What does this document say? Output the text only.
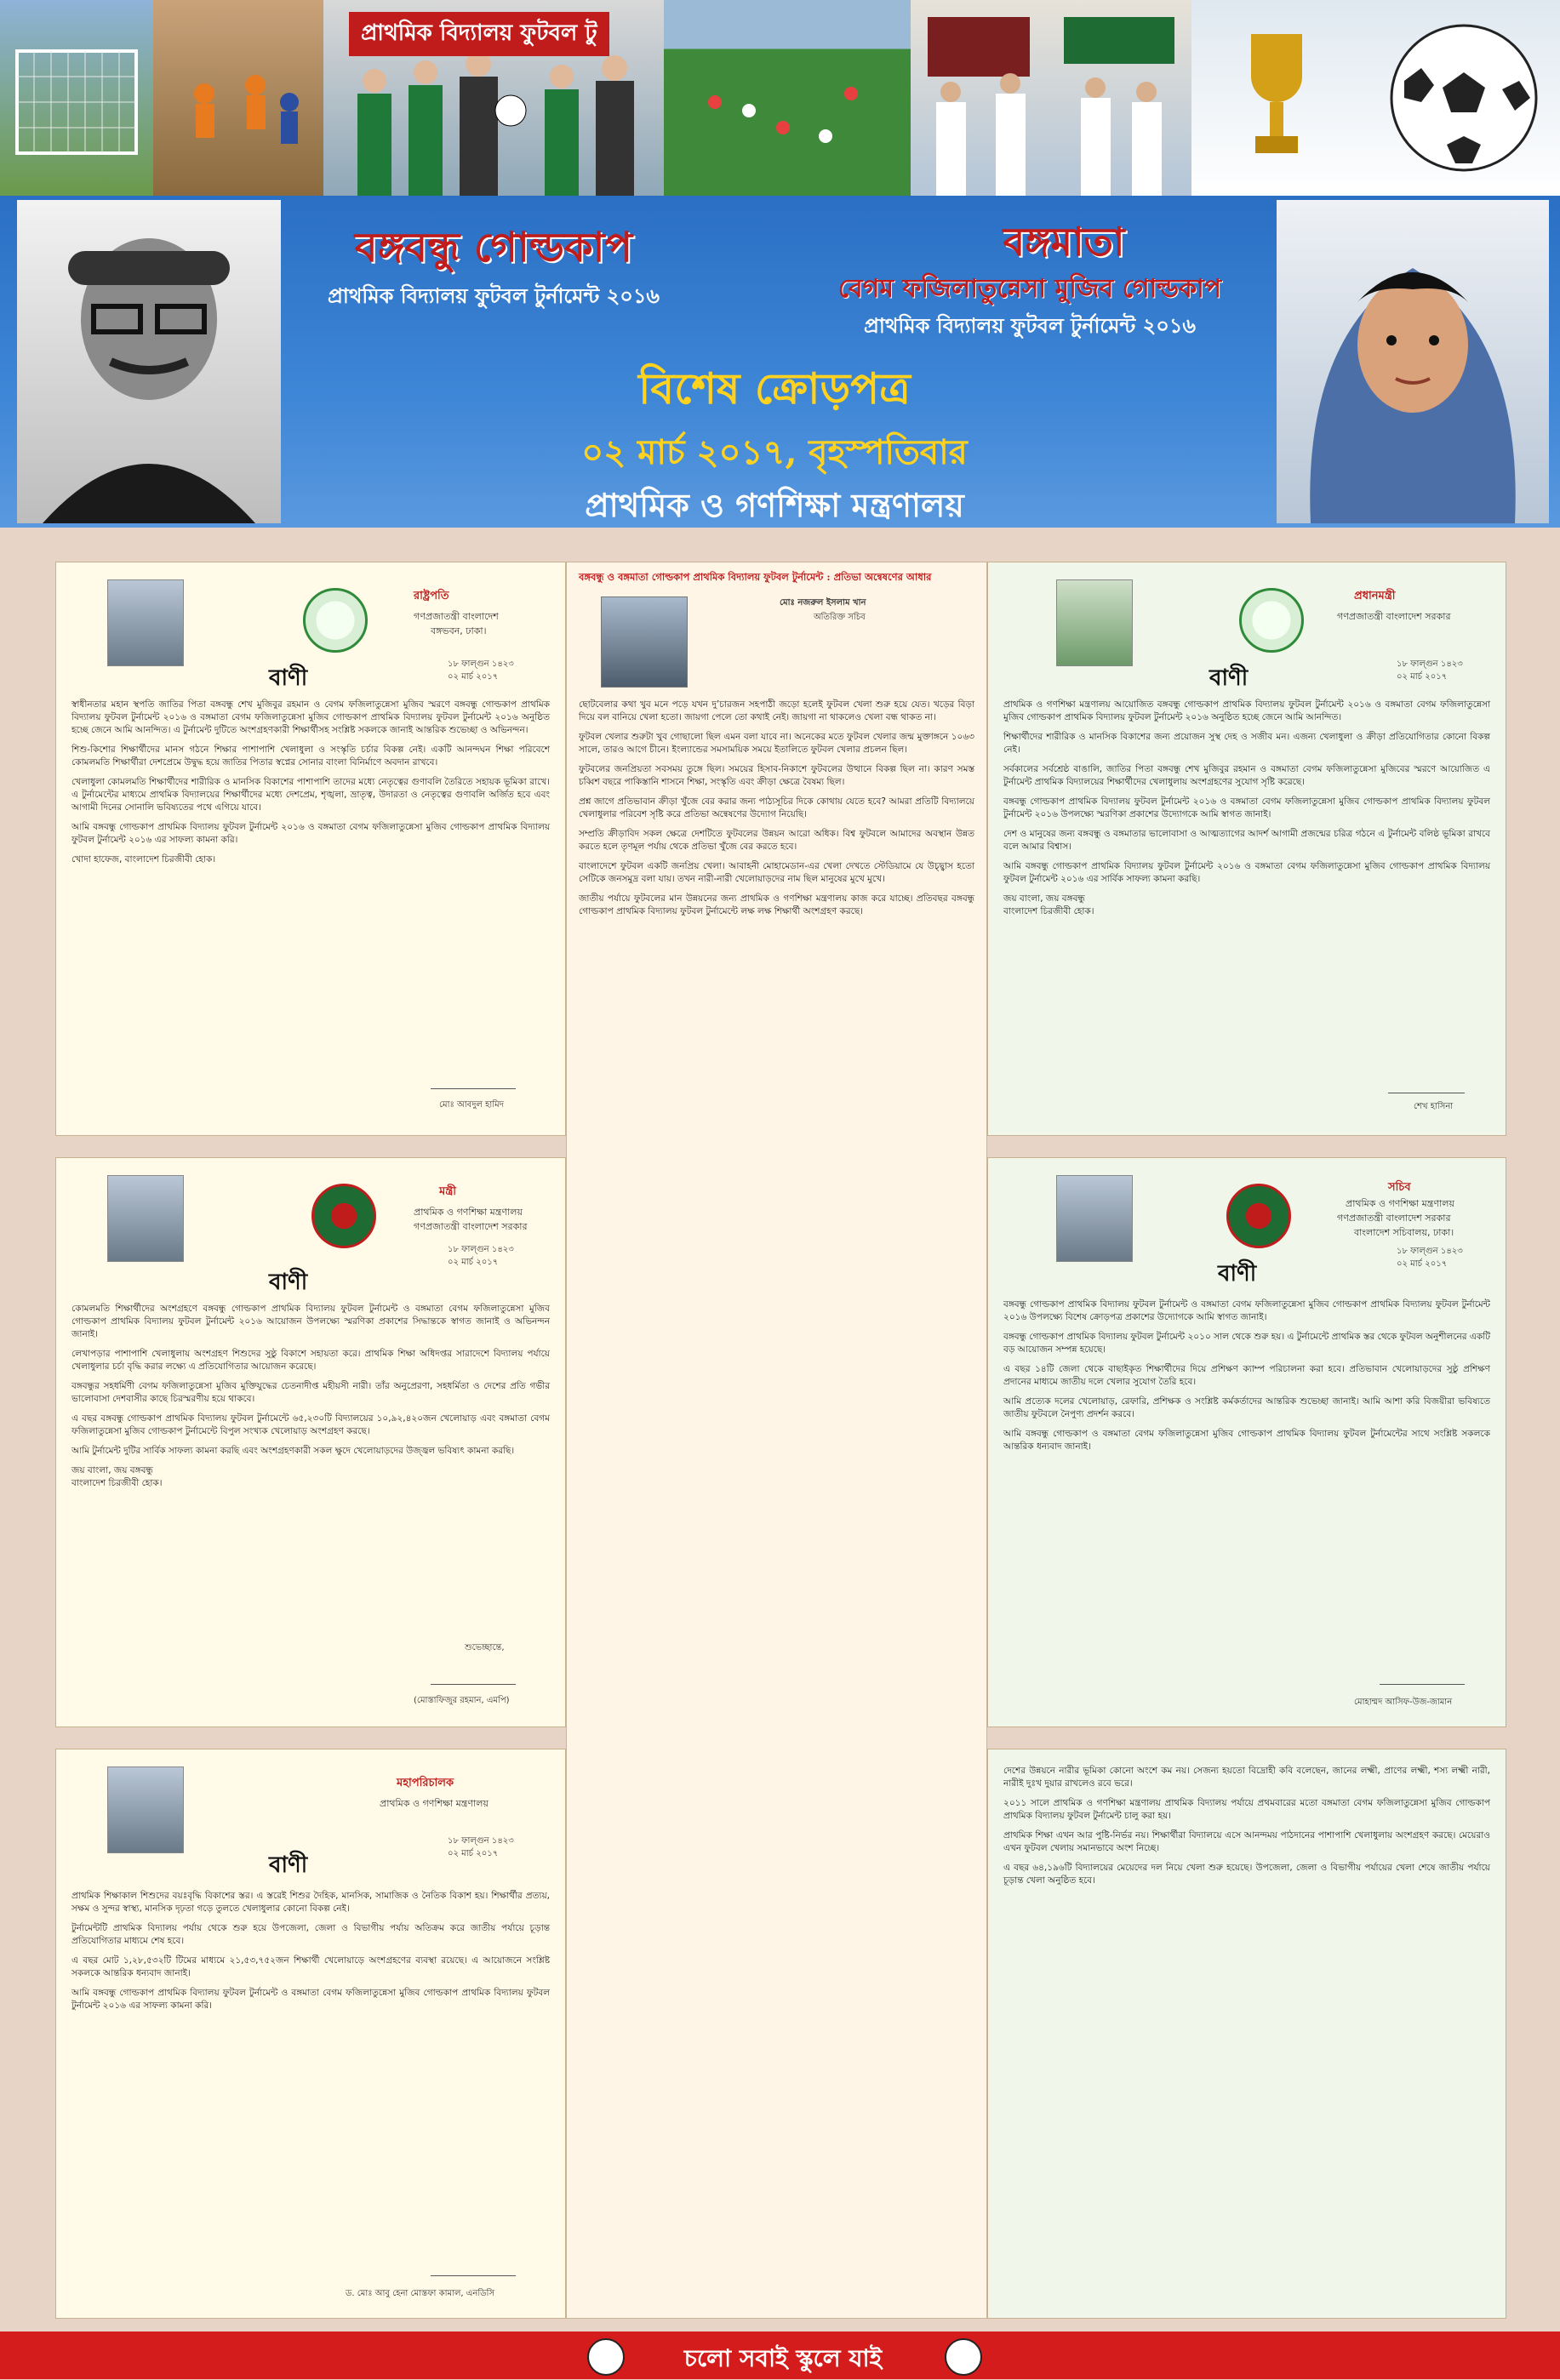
প্রাথমিক বিদ্যালয় ফুটবল টু
বঙ্গবন্ধু গোল্ডকাপ
প্রাথমিক বিদ্যালয় ফুটবল টুর্নামেন্ট ২০১৬
বঙ্গমাতা
বেগম ফজিলাতুন্নেসা মুজিব গোল্ডকাপ
প্রাথমিক বিদ্যালয় ফুটবল টুর্নামেন্ট ২০১৬
বিশেষ ক্রোড়পত্র
০২ মার্চ ২০১৭, বৃহস্পতিবার
প্রাথমিক ও গণশিক্ষা মন্ত্রণালয়
রাষ্ট্রপতি
গণপ্রজাতন্ত্রী বাংলাদেশ
বঙ্গভবন, ঢাকা।
১৮ ফাল্গুন ১৪২৩
০২ মার্চ ২০১৭
বাণী

স্বাধীনতার মহান স্থপতি জাতির পিতা বঙ্গবন্ধু শেখ মুজিবুর রহমান ও বেগম ফজিলাতুন্নেসা মুজিব স্মরণে বঙ্গবন্ধু গোল্ডকাপ প্রাথমিক বিদ্যালয় ফুটবল টুর্নামেন্ট ২০১৬ ও বঙ্গমাতা বেগম ফজিলাতুন্নেসা মুজিব গোল্ডকাপ প্রাথমিক বিদ্যালয় ফুটবল টুর্নামেন্ট ২০১৬ অনুষ্ঠিত হচ্ছে জেনে আমি আনন্দিত। এ টুর্নামেন্ট দুটিতে অংশগ্রহণকারী শিক্ষার্থীসহ সংশ্লিষ্ট সকলকে জানাই আন্তরিক শুভেচ্ছা ও অভিনন্দন।

শিশু-কিশোর শিক্ষার্থীদের মানস গঠনে শিক্ষার পাশাপাশি খেলাধুলা ও সংস্কৃতি চর্চার বিকল্প নেই। একটি আনন্দঘন শিক্ষা পরিবেশে কোমলমতি শিক্ষার্থীরা দেশপ্রেমে উদ্বুদ্ধ হয়ে জাতির পিতার স্বপ্নের সোনার বাংলা বিনির্মাণে অবদান রাখবে।

খেলাধুলা কোমলমতি শিক্ষার্থীদের শারীরিক ও মানসিক বিকাশের পাশাপাশি তাদের মধ্যে নেতৃত্বের গুণাবলি তৈরিতে সহায়ক ভূমিকা রাখে। এ টুর্নামেন্টের মাধ্যমে প্রাথমিক বিদ্যালয়ের শিক্ষার্থীদের মধ্যে দেশপ্রেম, শৃঙ্খলা, ভ্রাতৃত্ব, উদারতা ও নেতৃত্বের গুণাবলি অর্জিত হবে এবং আগামী দিনের সোনালি ভবিষ্যতের পথে এগিয়ে যাবে।

আমি বঙ্গবন্ধু গোল্ডকাপ প্রাথমিক বিদ্যালয় ফুটবল টুর্নামেন্ট ২০১৬ ও বঙ্গমাতা বেগম ফজিলাতুন্নেসা মুজিব গোল্ডকাপ প্রাথমিক বিদ্যালয় ফুটবল টুর্নামেন্ট ২০১৬ এর সাফল্য কামনা করি।

খোদা হাফেজ, বাংলাদেশ চিরজীবী হোক।

মোঃ আবদুল হামিদ
মন্ত্রী
প্রাথমিক ও গণশিক্ষা মন্ত্রণালয়
গণপ্রজাতন্ত্রী বাংলাদেশ সরকার
১৮ ফাল্গুন ১৪২৩
০২ মার্চ ২০১৭
বাণী

কোমলমতি শিক্ষার্থীদের অংশগ্রহণে বঙ্গবন্ধু গোল্ডকাপ প্রাথমিক বিদ্যালয় ফুটবল টুর্নামেন্ট ও বঙ্গমাতা বেগম ফজিলাতুন্নেসা মুজিব গোল্ডকাপ প্রাথমিক বিদ্যালয় ফুটবল টুর্নামেন্ট ২০১৬ আয়োজন উপলক্ষ্যে স্মরণিকা প্রকাশের সিদ্ধান্তকে স্বাগত জানাই ও অভিনন্দন জানাই।

লেখাপড়ার পাশাপাশি খেলাধুলায় অংশগ্রহণ শিশুদের সুষ্ঠু বিকাশে সহায়তা করে। প্রাথমিক শিক্ষা অধিদপ্তর সারাদেশে বিদ্যালয় পর্যায়ে খেলাধুলার চর্চা বৃদ্ধি করার লক্ষ্যে এ প্রতিযোগিতার আয়োজন করেছে।

বঙ্গবন্ধুর সহধর্মিণী বেগম ফজিলাতুন্নেসা মুজিব মুক্তিযুদ্ধের চেতনাদীপ্ত মহীয়সী নারী। তাঁর অনুপ্রেরণা, সহধর্মিতা ও দেশের প্রতি গভীর ভালোবাসা দেশবাসীর কাছে চিরস্মরণীয় হয়ে থাকবে।

এ বছর বঙ্গবন্ধু গোল্ডকাপ প্রাথমিক বিদ্যালয় ফুটবল টুর্নামেন্টে ৬৫,২৩০টি বিদ্যালয়ের ১০,৯২,৪২০জন খেলোয়াড় এবং বঙ্গমাতা বেগম ফজিলাতুন্নেসা মুজিব গোল্ডকাপ টুর্নামেন্টে বিপুল সংখ্যক খেলোয়াড় অংশগ্রহণ করছে।

আমি টুর্নামেন্ট দুটির সার্বিক সাফল্য কামনা করছি এবং অংশগ্রহণকারী সকল ক্ষুদে খেলোয়াড়দের উজ্জ্বল ভবিষ্যৎ কামনা করছি।

জয় বাংলা, জয় বঙ্গবন্ধু
বাংলাদেশ চিরজীবী হোক।

শুভেচ্ছান্তে,
(মোস্তাফিজুর রহমান, এমপি)
মহাপরিচালক
প্রাথমিক ও গণশিক্ষা মন্ত্রণালয়
১৮ ফাল্গুন ১৪২৩
০২ মার্চ ২০১৭
বাণী

প্রাথমিক শিক্ষাকাল শিশুদের বয়ঃবৃদ্ধি বিকাশের স্তর। এ স্তরেই শিশুর দৈহিক, মানসিক, সামাজিক ও নৈতিক বিকাশ হয়। শিক্ষার্থীর প্রত্যয়, সক্ষম ও সুন্দর স্বাস্থ্য, মানসিক দৃঢ়তা গড়ে তুলতে খেলাধুলার কোনো বিকল্প নেই।

টুর্নামেন্টটি প্রাথমিক বিদ্যালয় পর্যায় থেকে শুরু হয়ে উপজেলা, জেলা ও বিভাগীয় পর্যায় অতিক্রম করে জাতীয় পর্যায়ে চূড়ান্ত প্রতিযোগিতার মাধ্যমে শেষ হবে।

এ বছর মোট ১,২৮,৫৩২টি টিমের মাধ্যমে ২১,৫৩,৭৫২জন শিক্ষার্থী খেলোয়াড়ে অংশগ্রহণের ব্যবস্থা রয়েছে। এ আয়োজনে সংশ্লিষ্ট সকলকে আন্তরিক ধন্যবাদ জানাই।

আমি বঙ্গবন্ধু গোল্ডকাপ প্রাথমিক বিদ্যালয় ফুটবল টুর্নামেন্ট ও বঙ্গমাতা বেগম ফজিলাতুন্নেসা মুজিব গোল্ডকাপ প্রাথমিক বিদ্যালয় ফুটবল টুর্নামেন্ট ২০১৬ এর সাফল্য কামনা করি।

ড. মোঃ আবু হেনা মোস্তফা কামাল, এনডিসি
বঙ্গবন্ধু ও বঙ্গমাতা গোল্ডকাপ প্রাথমিক বিদ্যালয় ফুটবল টুর্নামেন্ট : প্রতিভা অন্বেষণের আধার
মোঃ নজরুল ইসলাম খান
অতিরিক্ত সচিব

ছোটবেলার কথা খুব মনে পড়ে যখন দু’চারজন সহপাঠী জড়ো হলেই ফুটবল খেলা শুরু হয়ে যেত। খড়ের বিড়া দিয়ে বল বানিয়ে খেলা হতো। জায়গা পেলে তো কথাই নেই। জায়গা না থাকলেও খেলা বন্ধ থাকত না।

ফুটবল খেলার শুরুটা খুব গোছালো ছিল এমন বলা যাবে না। অনেকের মতে ফুটবল খেলার জন্ম মুক্তাঙ্গনে ১০৬৩ সালে, তারও আগে চীনে। ইংল্যান্ডের সমসাময়িক সময়ে ইতালিতে ফুটবল খেলার প্রচলন ছিল।

ফুটবলের জনপ্রিয়তা সবসময় তুঙ্গে ছিল। সময়ের হিসাব-নিকাশে ফুটবলের উত্থানে বিকল্প ছিল না। কারণ সমস্ত চব্বিশ বছরে পাকিস্তানি শাসনে শিক্ষা, সংস্কৃতি এবং ক্রীড়া ক্ষেত্রে বৈষম্য ছিল।

প্রশ্ন জাগে প্রতিভাবান ক্রীড়া খুঁজে বের করার জন্য পাঠ্যসূচির দিকে কোথায় যেতে হবে? আমরা প্রতিটি বিদ্যালয়ে খেলাধুলার পরিবেশ সৃষ্টি করে প্রতিভা অন্বেষণের উদ্যোগ নিয়েছি।

সম্প্রতি ক্রীড়াবিদ সকল ক্ষেত্রে দেশটিতে ফুটবলের উন্নয়ন আরো অধিক। বিশ্ব ফুটবলে আমাদের অবস্থান উন্নত করতে হলে তৃণমূল পর্যায় থেকে প্রতিভা খুঁজে বের করতে হবে।

বাংলাদেশে ফুটবল একটি জনপ্রিয় খেলা। আবাহনী মোহামেডান-এর খেলা দেখতে স্টেডিয়ামে যে উচ্ছ্বাস হতো সেটিকে জনসমুদ্র বলা যায়। তখন নারী-নারী খেলোয়াড়দের নাম ছিল মানুষের মুখে মুখে।

জাতীয় পর্যায়ে ফুটবলের মান উন্নয়নের জন্য প্রাথমিক ও গণশিক্ষা মন্ত্রণালয় কাজ করে যাচ্ছে। প্রতিবছর বঙ্গবন্ধু গোল্ডকাপ প্রাথমিক বিদ্যালয় ফুটবল টুর্নামেন্টে লক্ষ লক্ষ শিক্ষার্থী অংশগ্রহণ করছে।

প্রধানমন্ত্রী
গণপ্রজাতন্ত্রী বাংলাদেশ সরকার
১৮ ফাল্গুন ১৪২৩
০২ মার্চ ২০১৭
বাণী

প্রাথমিক ও গণশিক্ষা মন্ত্রণালয় আয়োজিত বঙ্গবন্ধু গোল্ডকাপ প্রাথমিক বিদ্যালয় ফুটবল টুর্নামেন্ট ২০১৬ ও বঙ্গমাতা বেগম ফজিলাতুন্নেসা মুজিব গোল্ডকাপ প্রাথমিক বিদ্যালয় ফুটবল টুর্নামেন্ট ২০১৬ অনুষ্ঠিত হচ্ছে জেনে আমি আনন্দিত।

শিক্ষার্থীদের শারীরিক ও মানসিক বিকাশের জন্য প্রয়োজন সুস্থ দেহ ও সজীব মন। এজন্য খেলাধুলা ও ক্রীড়া প্রতিযোগিতার কোনো বিকল্প নেই।

সর্বকালের সর্বশ্রেষ্ঠ বাঙালি, জাতির পিতা বঙ্গবন্ধু শেখ মুজিবুর রহমান ও বঙ্গমাতা বেগম ফজিলাতুন্নেসা মুজিবের স্মরণে আয়োজিত এ টুর্নামেন্ট প্রাথমিক বিদ্যালয়ের শিক্ষার্থীদের খেলাধুলায় অংশগ্রহণের সুযোগ সৃষ্টি করেছে।

বঙ্গবন্ধু গোল্ডকাপ প্রাথমিক বিদ্যালয় ফুটবল টুর্নামেন্ট ২০১৬ ও বঙ্গমাতা বেগম ফজিলাতুন্নেসা মুজিব গোল্ডকাপ প্রাথমিক বিদ্যালয় ফুটবল টুর্নামেন্ট ২০১৬ উপলক্ষ্যে স্মরণিকা প্রকাশের উদ্যোগকে আমি স্বাগত জানাই।

দেশ ও মানুষের জন্য বঙ্গবন্ধু ও বঙ্গমাতার ভালোবাসা ও আত্মত্যাগের আদর্শ আগামী প্রজন্মের চরিত্র গঠনে এ টুর্নামেন্ট বলিষ্ঠ ভূমিকা রাখবে বলে আমার বিশ্বাস।

আমি বঙ্গবন্ধু গোল্ডকাপ প্রাথমিক বিদ্যালয় ফুটবল টুর্নামেন্ট ২০১৬ ও বঙ্গমাতা বেগম ফজিলাতুন্নেসা মুজিব গোল্ডকাপ প্রাথমিক বিদ্যালয় ফুটবল টুর্নামেন্ট ২০১৬ এর সার্বিক সাফল্য কামনা করছি।

জয় বাংলা, জয় বঙ্গবন্ধু
বাংলাদেশ চিরজীবী হোক।

শেখ হাসিনা
সচিব
প্রাথমিক ও গণশিক্ষা মন্ত্রণালয়
গণপ্রজাতন্ত্রী বাংলাদেশ সরকার
বাংলাদেশ সচিবালয়, ঢাকা।
১৮ ফাল্গুন ১৪২৩
০২ মার্চ ২০১৭
বাণী

বঙ্গবন্ধু গোল্ডকাপ প্রাথমিক বিদ্যালয় ফুটবল টুর্নামেন্ট ও বঙ্গমাতা বেগম ফজিলাতুন্নেসা মুজিব গোল্ডকাপ প্রাথমিক বিদ্যালয় ফুটবল টুর্নামেন্ট ২০১৬ উপলক্ষ্যে বিশেষ ক্রোড়পত্র প্রকাশের উদ্যোগকে আমি স্বাগত জানাই।

বঙ্গবন্ধু গোল্ডকাপ প্রাথমিক বিদ্যালয় ফুটবল টুর্নামেন্ট ২০১০ সাল থেকে শুরু হয়। এ টুর্নামেন্টে প্রাথমিক স্তর থেকে ফুটবল অনুশীলনের একটি বড় আয়োজন সম্পন্ন হয়েছে।

এ বছর ১৪টি জেলা থেকে বাছাইকৃত শিক্ষার্থীদের দিয়ে প্রশিক্ষণ ক্যাম্প পরিচালনা করা হবে। প্রতিভাবান খেলোয়াড়দের সুষ্ঠু প্রশিক্ষণ প্রদানের মাধ্যমে জাতীয় দলে খেলার সুযোগ তৈরি হবে।

আমি প্রত্যেক দলের খেলোয়াড়, রেফারি, প্রশিক্ষক ও সংশ্লিষ্ট কর্মকর্তাদের আন্তরিক শুভেচ্ছা জানাই। আমি আশা করি বিজয়ীরা ভবিষ্যতে জাতীয় ফুটবলে নৈপুণ্য প্রদর্শন করবে।

আমি বঙ্গবন্ধু গোল্ডকাপ ও বঙ্গমাতা বেগম ফজিলাতুন্নেসা মুজিব গোল্ডকাপ প্রাথমিক বিদ্যালয় ফুটবল টুর্নামেন্টের সাথে সংশ্লিষ্ট সকলকে আন্তরিক ধন্যবাদ জানাই।

মোহাম্মদ আসিফ-উজ-জামান

দেশের উন্নয়নে নারীর ভূমিকা কোনো অংশে কম নয়। সেজন্য হয়তো বিদ্রোহী কবি বলেছেন, জানের লক্ষ্মী, প্রাণের লক্ষ্মী, শস্য লক্ষ্মী নারী, নারীই দুঃখ দুয়ার রাখলেও রবে ভরে।

২০১১ সালে প্রাথমিক ও গণশিক্ষা মন্ত্রণালয় প্রাথমিক বিদ্যালয় পর্যায়ে প্রথমবারের মতো বঙ্গমাতা বেগম ফজিলাতুন্নেসা মুজিব গোল্ডকাপ প্রাথমিক বিদ্যালয় ফুটবল টুর্নামেন্ট চালু করা হয়।

প্রাথমিক শিক্ষা এখন আর পুষ্টি-নির্ভর নয়। শিক্ষার্থীরা বিদ্যালয়ে এসে আনন্দময় পাঠদানের পাশাপাশি খেলাধুলায় অংশগ্রহণ করছে। মেয়েরাও এখন ফুটবল খেলায় সমানভাবে অংশ নিচ্ছে।

এ বছর ৬৪,১৯৬টি বিদ্যালয়ের মেয়েদের দল নিয়ে খেলা শুরু হয়েছে। উপজেলা, জেলা ও বিভাগীয় পর্যায়ের খেলা শেষে জাতীয় পর্যায়ে চূড়ান্ত খেলা অনুষ্ঠিত হবে।

চলো সবাই স্কুলে যাই
